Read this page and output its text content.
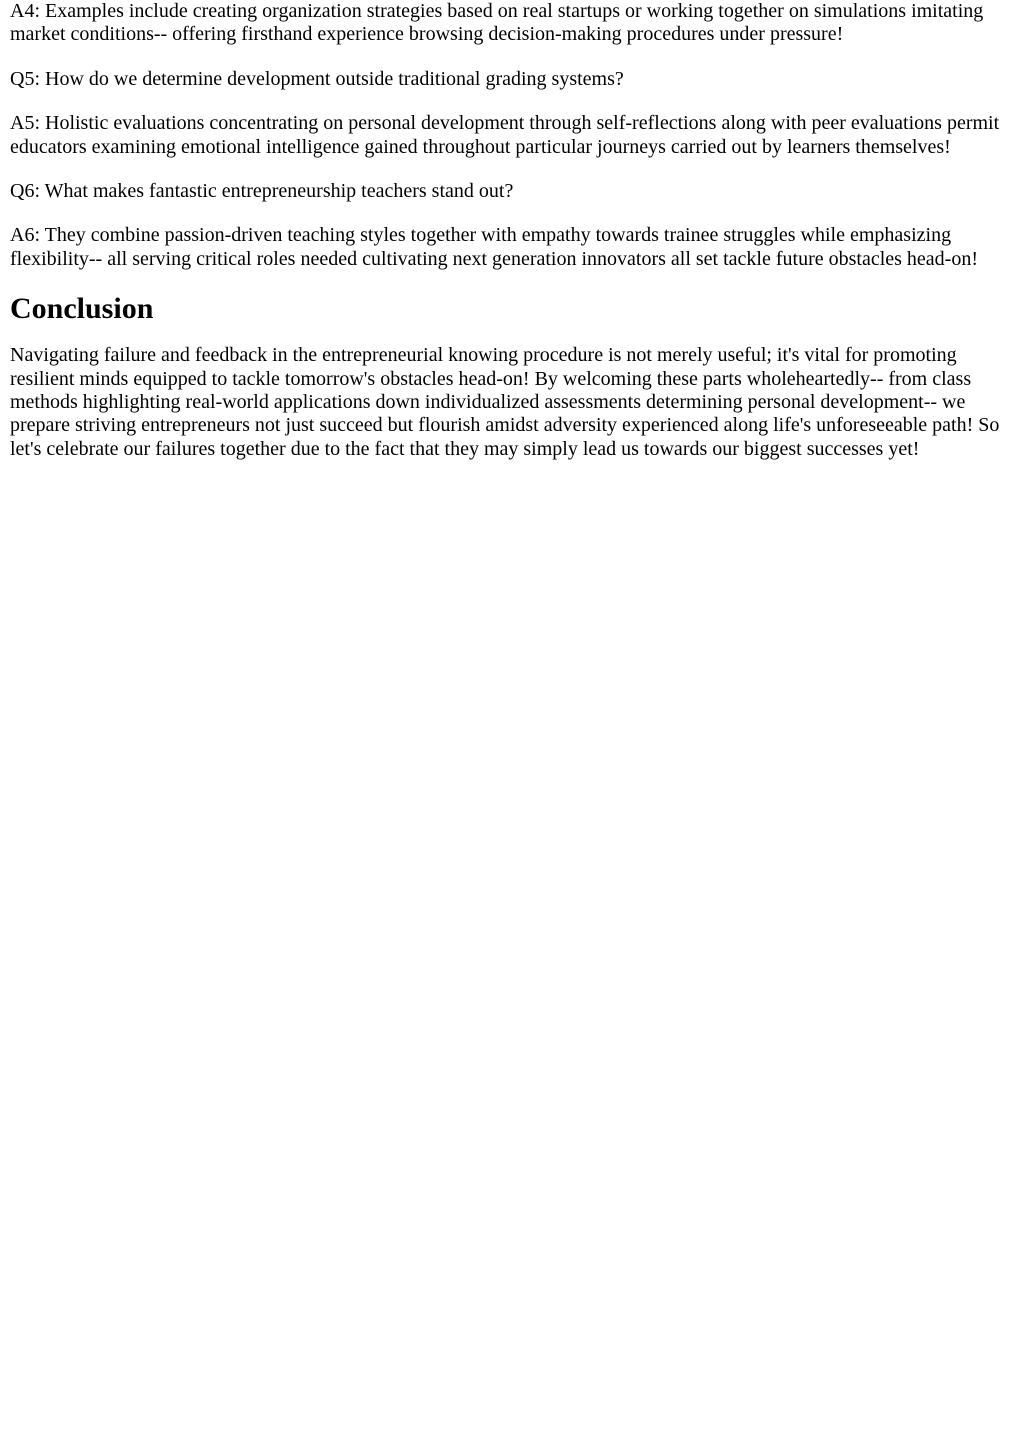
A4: Examples include creating organization strategies based on real startups or working together on simulations imitating market conditions-- offering firsthand experience browsing decision-making procedures under pressure!

Q5: How do we determine development outside traditional grading systems?

A5: Holistic evaluations concentrating on personal development through self-reflections along with peer evaluations permit educators examining emotional intelligence gained throughout particular journeys carried out by learners themselves!

Q6: What makes fantastic entrepreneurship teachers stand out?

A6: They combine passion-driven teaching styles together with empathy towards trainee struggles while emphasizing flexibility-- all serving critical roles needed cultivating next generation innovators all set tackle future obstacles head-on!

Conclusion

Navigating failure and feedback in the entrepreneurial knowing procedure is not merely useful; it's vital for promoting resilient minds equipped to tackle tomorrow's obstacles head-on! By welcoming these parts wholeheartedly-- from class methods highlighting real-world applications down individualized assessments determining personal development-- we prepare striving entrepreneurs not just succeed but flourish amidst adversity experienced along life's unforeseeable path! So let's celebrate our failures together due to the fact that they may simply lead us towards our biggest successes yet!
